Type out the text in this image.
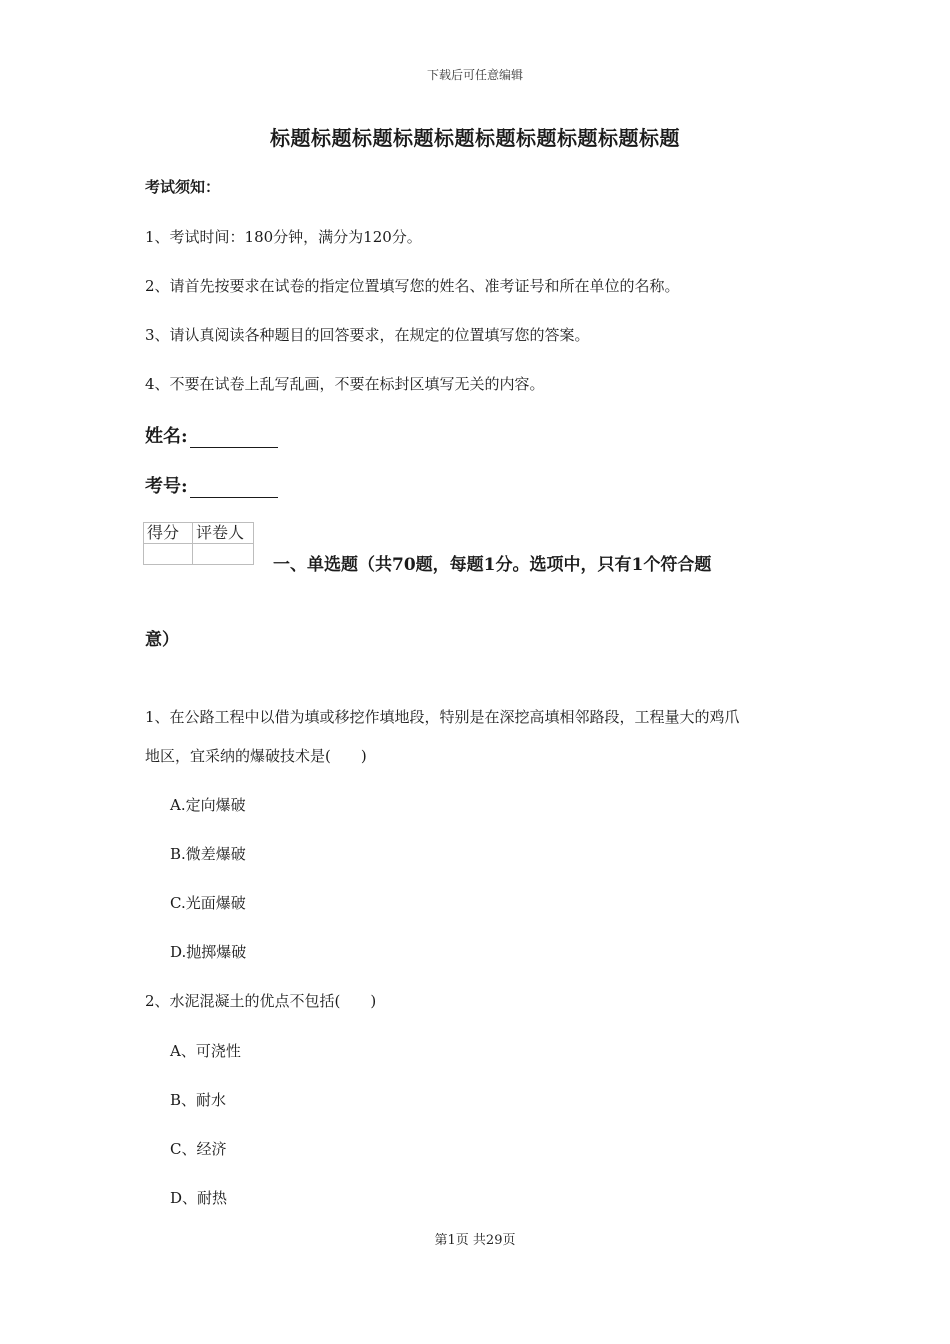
下载后可任意编辑
标题标题标题标题标题标题标题标题标题标题
考试须知：
1、考试时间：180分钟，满分为120分。
2、请首先按要求在试卷的指定位置填写您的姓名、准考证号和所在单位的名称。
3、请认真阅读各种题目的回答要求，在规定的位置填写您的答案。
4、不要在试卷上乱写乱画，不要在标封区填写无关的内容。
姓名:
考号:
得分	评卷人

一、单选题（共70题，每题1分。选项中，只有1个符合题
意）
1、在公路工程中以借为填或移挖作填地段，特别是在深挖高填相邻路段，工程量大的鸡爪
地区，宜采纳的爆破技术是(　　)
A.定向爆破
B.微差爆破
C.光面爆破
D.抛掷爆破
2、水泥混凝土的优点不包括(　　)
A、可浇性
B、耐水
C、经济
D、耐热
第1页 共29页
